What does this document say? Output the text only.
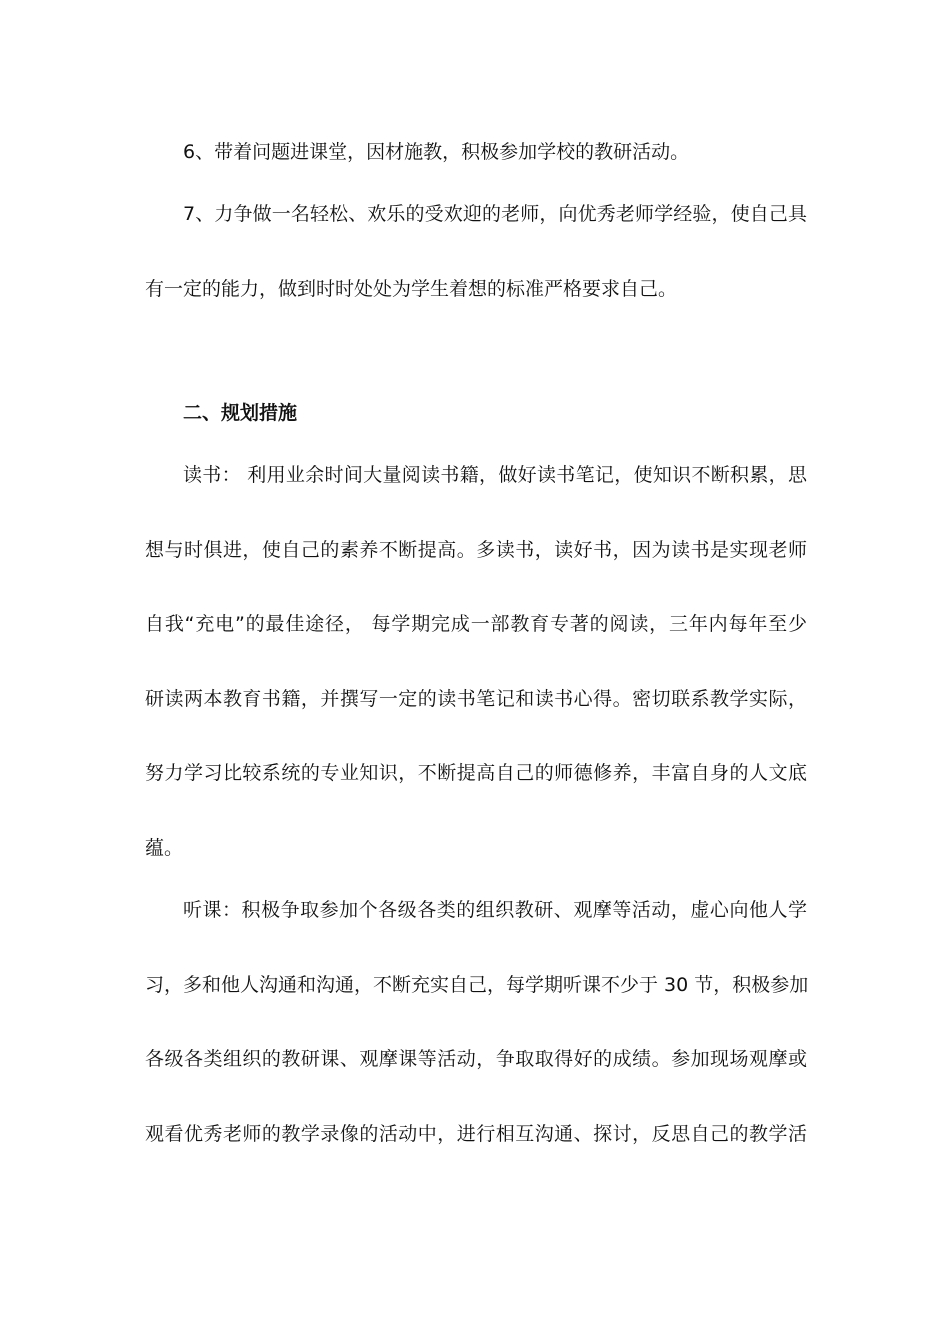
6、带着问题进课堂，因材施教，积极参加学校的教研活动。
7、力争做一名轻松、欢乐的受欢迎的老师，向优秀老师学经验，使自己具
有一定的能力，做到时时处处为学生着想的标准严格要求自己。
二、规划措施
读书： 利用业余时间大量阅读书籍，做好读书笔记，使知识不断积累，思
想与时俱进，使自己的素养不断提高。多读书，读好书，因为读书是实现老师
自我“充电”的最佳途径， 每学期完成一部教育专著的阅读，三年内每年至少
研读两本教育书籍，并撰写一定的读书笔记和读书心得。密切联系教学实际，
努力学习比较系统的专业知识，不断提高自己的师德修养，丰富自身的人文底
蕴。
听课：积极争取参加个各级各类的组织教研、观摩等活动，虚心向他人学
习，多和他人沟通和沟通，不断充实自己，每学期听课不少于 30 节，积极参加
各级各类组织的教研课、观摩课等活动，争取取得好的成绩。参加现场观摩或
观看优秀老师的教学录像的活动中，进行相互沟通、探讨，反思自己的教学活
